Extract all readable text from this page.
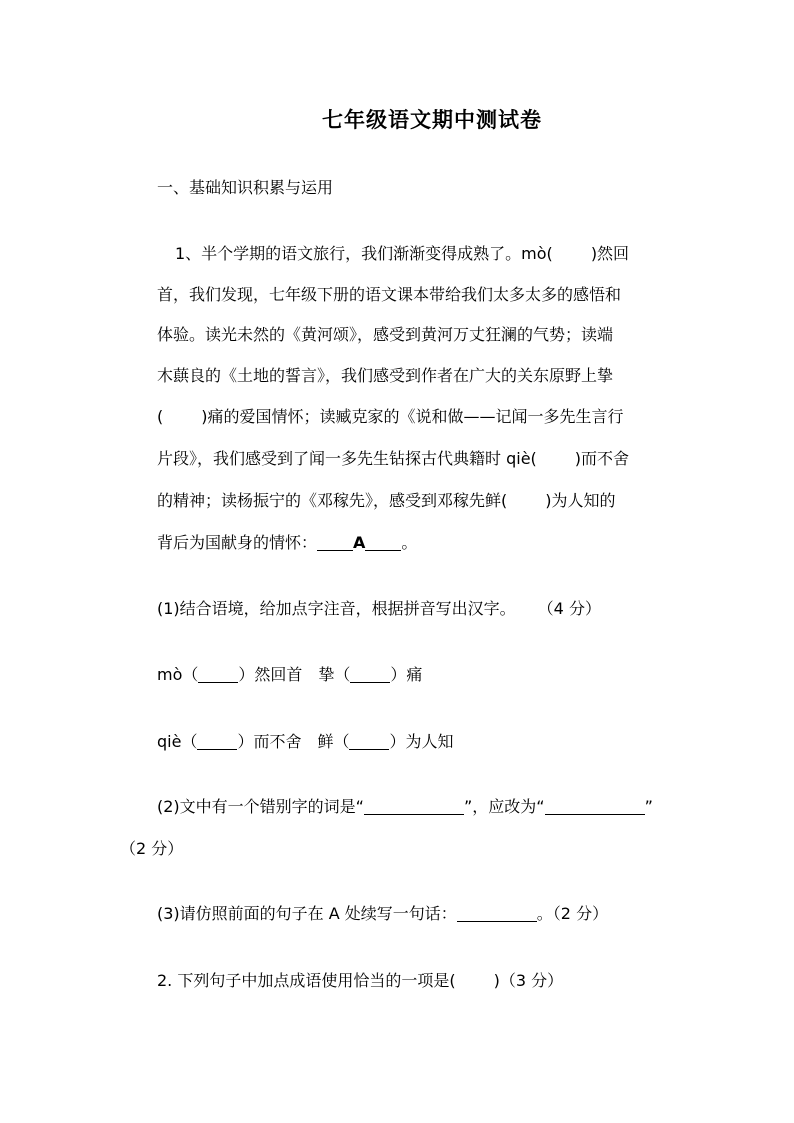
七年级语文期中测试卷
一、基础知识积累与运用
1、半个学期的语文旅行，我们渐渐变得成熟了。mò( )然回
首，我们发现，七年级下册的语文课本带给我们太多太多的感悟和
体验。读光未然的《黄河颂》，感受到黄河万丈狂澜的气势；读端
木蕻良的《土地的誓言》，我们感受到作者在广大的关东原野上挚
( )痛的爱国情怀；读臧克家的《说和做——记闻一多先生言行
片段》，我们感受到了闻一多先生钻探古代典籍时 qiè( )而不舍
的精神；读杨振宁的《邓稼先》，感受到邓稼先鲜( )为人知的
背后为国献身的情怀： A 。
(1)结合语境，给加点字注音，根据拼音写出汉字。 （4 分）
mò（	）然回首 挚（	）痛
qiè（	）而不舍 鲜（	）为人知
(2)文中有一个错别字的词是“	”，应改为“	”
（2 分）
(3)请仿照前面的句子在 A 处续写一句话：	。（2 分）
2. 下列句子中加点成语使用恰当的一项是( )（3 分）
